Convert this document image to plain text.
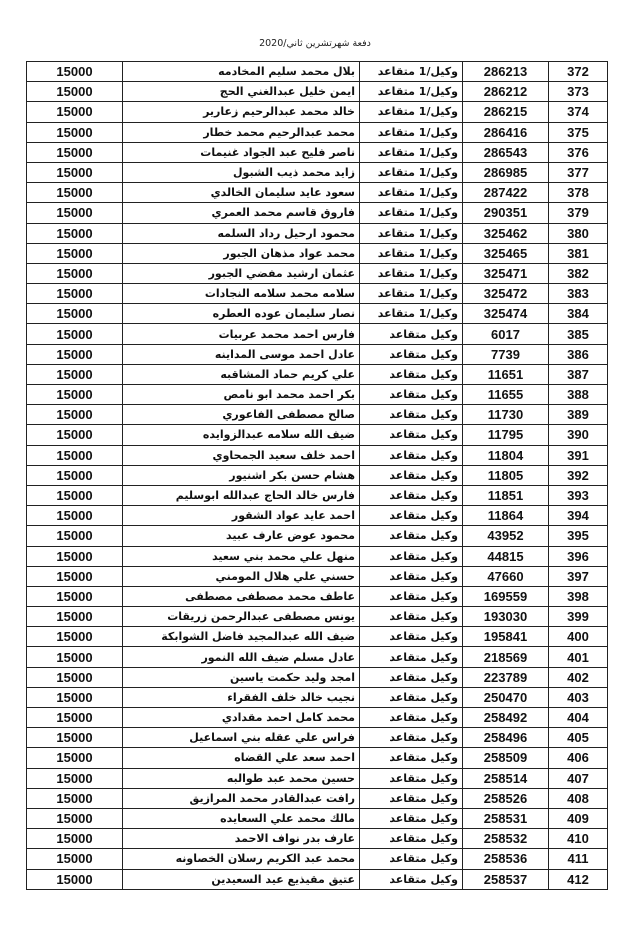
دفعة شهرتشرين ثاني/2020
372	286213	وكيل/1 متقاعد	بلال محمد سليم المخادمه	15000
373	286212	وكيل/1 متقاعد	ايمن خليل عبدالغني الحج	15000
374	286215	وكيل/1 متقاعد	خالد محمد عبدالرحيم زعارير	15000
375	286416	وكيل/1 متقاعد	محمد عبدالرحيم محمد خطار	15000
376	286543	وكيل/1 متقاعد	ناصر فليح عبد الجواد غنيمات	15000
377	286985	وكيل/1 متقاعد	زايد محمد ذيب الشبول	15000
378	287422	وكيل/1 متقاعد	سعود عايد سليمان الخالدي	15000
379	290351	وكيل/1 متقاعد	فاروق قاسم محمد العمري	15000
380	325462	وكيل/1 متقاعد	محمود ارحيل رداد السلمه	15000
381	325465	وكيل/1 متقاعد	محمد عواد مذهان الجبور	15000
382	325471	وكيل/1 متقاعد	عثمان ارشيد مفضي الجبور	15000
383	325472	وكيل/1 متقاعد	سلامه محمد سلامه النجادات	15000
384	325474	وكيل/1 متقاعد	نصار سليمان عوده العطره	15000
385	6017	وكيل متقاعد	فارس احمد محمد عربيات	15000
386	7739	وكيل متقاعد	عادل احمد موسى المداينه	15000
387	11651	وكيل متقاعد	علي كريم حماد المشاقبه	15000
388	11655	وكيل متقاعد	بكر احمد محمد ابو نامص	15000
389	11730	وكيل متقاعد	صالح مصطفى الفاعوري	15000
390	11795	وكيل متقاعد	ضيف الله سلامه عبدالزوايده	15000
391	11804	وكيل متقاعد	احمد خلف سعيد الجمحاوي	15000
392	11805	وكيل متقاعد	هشام حسن بكر اشنيور	15000
393	11851	وكيل متقاعد	فارس خالد الحاج عبدالله ابوسليم	15000
394	11864	وكيل متقاعد	احمد عايد عواد الشقور	15000
395	43952	وكيل متقاعد	محمود عوض عارف عبيد	15000
396	44815	وكيل متقاعد	منهل علي محمد بني سعيد	15000
397	47660	وكيل متقاعد	حسني علي هلال المومني	15000
398	169559	وكيل متقاعد	عاطف محمد مصطفى مصطفى	15000
399	193030	وكيل متقاعد	يونس مصطفى عبدالرحمن زريقات	15000
400	195841	وكيل متقاعد	ضيف الله عبدالمجيد فاضل الشوابكة	15000
401	218569	وكيل متقاعد	عادل مسلم ضيف الله النمور	15000
402	223789	وكيل متقاعد	امجد وليد حكمت ياسين	15000
403	250470	وكيل متقاعد	نجيب خالد خلف الفقراء	15000
404	258492	وكيل متقاعد	محمد كامل احمد مقدادي	15000
405	258496	وكيل متقاعد	فراس علي عقله بني اسماعيل	15000
406	258509	وكيل متقاعد	احمد سعد علي القضاه	15000
407	258514	وكيل متقاعد	حسين محمد عبد طوالبه	15000
408	258526	وكيل متقاعد	رافت عبدالقادر محمد المرازيق	15000
409	258531	وكيل متقاعد	مالك محمد علي السعايده	15000
410	258532	وكيل متقاعد	عارف بدر نواف الاحمد	15000
411	258536	وكيل متقاعد	محمد عبد الكريم رسلان الخصاونه	15000
412	258537	وكيل متقاعد	عتيق مقيذيع عيد السعيدين	15000
